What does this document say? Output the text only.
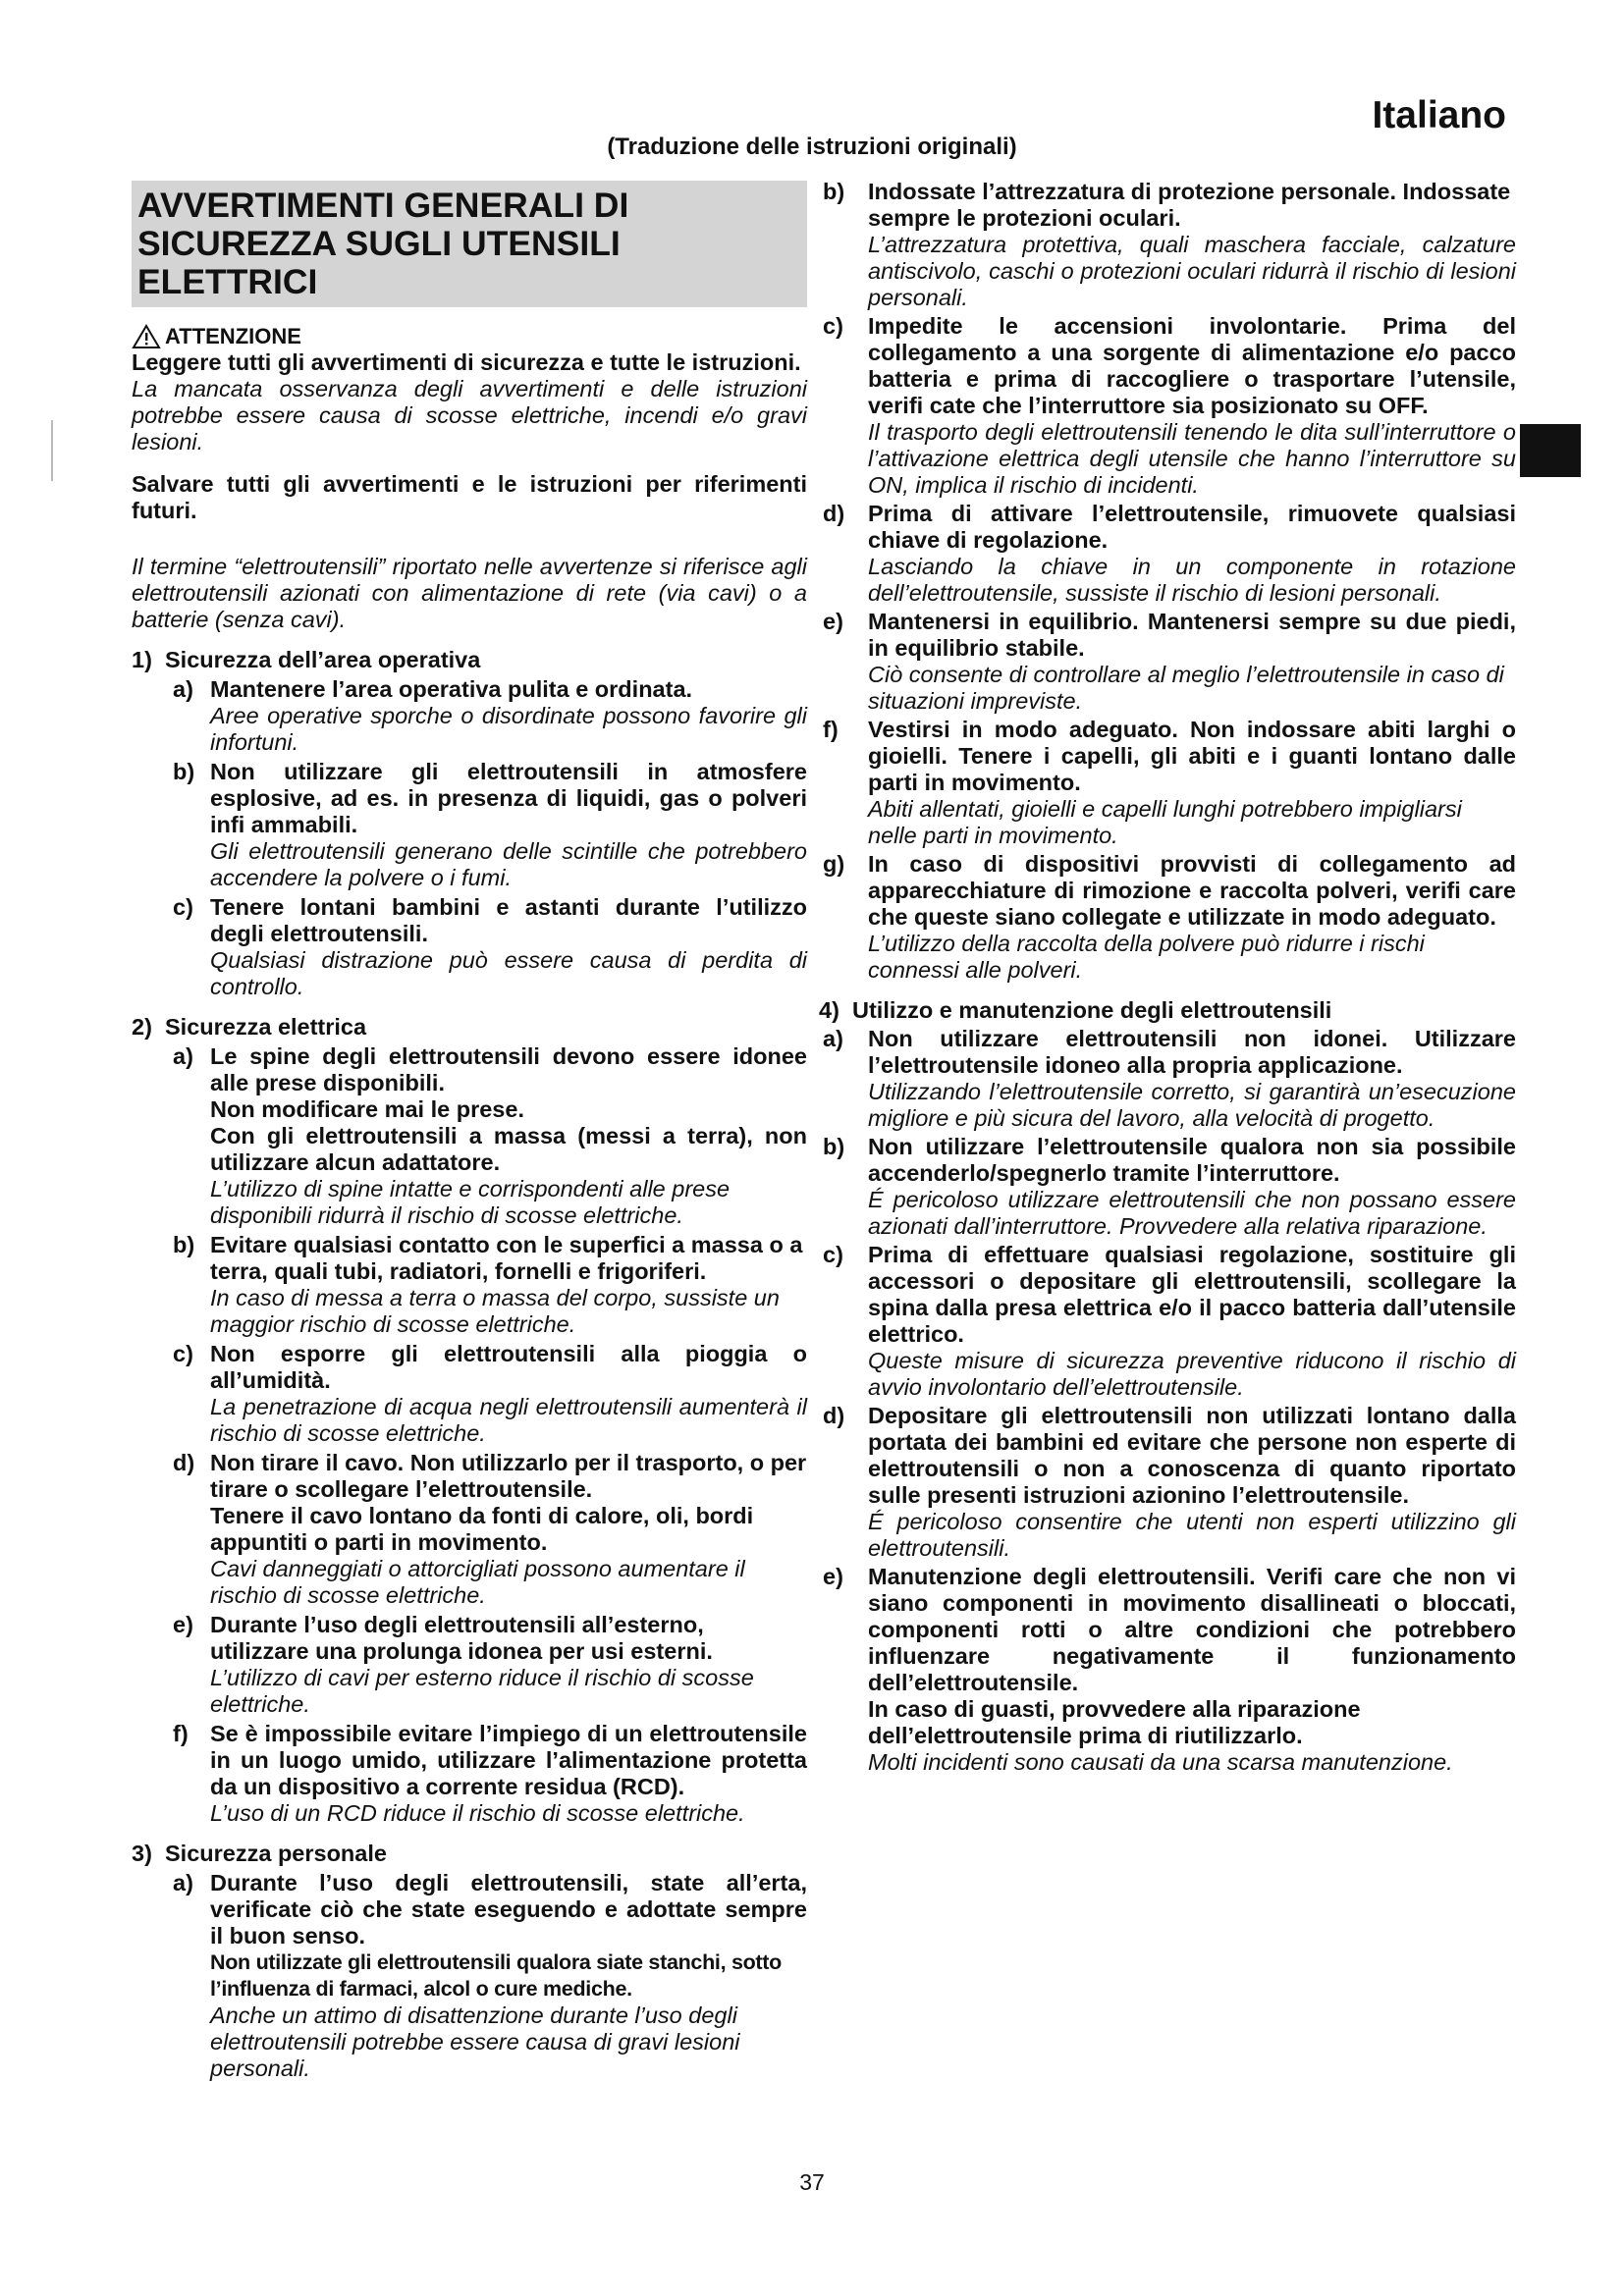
Italiano
(Traduzione delle istruzioni originali)
AVVERTIMENTI GENERALI DI SICUREZZA SUGLI UTENSILI ELETTRICI
ATTENZIONE

Leggere tutti gli avvertimenti di sicurezza e tutte le istruzioni.

La mancata osservanza degli avvertimenti e delle istruzioni potrebbe essere causa di scosse elettriche, incendi e/o gravi lesioni.

Salvare tutti gli avvertimenti e le istruzioni per riferimenti futuri.

Il termine “elettroutensili” riportato nelle avvertenze si riferisce agli elettroutensili azionati con alimentazione di rete (via cavi) o a batterie (senza cavi).

1) Sicurezza dell’area operativa
a) Mantenere l’area operativa pulita e ordinata.

Aree operative sporche o disordinate possono favorire gli infortuni.

b) Non utilizzare gli elettroutensili in atmosfere esplosive, ad es. in presenza di liquidi, gas o polveri infi ammabili.

Gli elettroutensili generano delle scintille che potrebbero accendere la polvere o i fumi.

c) Tenere lontani bambini e astanti durante l’utilizzo degli elettroutensili.

Qualsiasi distrazione può essere causa di perdita di controllo.

2) Sicurezza elettrica
a) Le spine degli elettroutensili devono essere idonee alle prese disponibili.

Non modificare mai le prese.

Con gli elettroutensili a massa (messi a terra), non utilizzare alcun adattatore.

L’utilizzo di spine intatte e corrispondenti alle prese disponibili ridurrà il rischio di scosse elettriche.

b) Evitare qualsiasi contatto con le superfici a massa o a terra, quali tubi, radiatori, fornelli e frigoriferi.

In caso di messa a terra o massa del corpo, sussiste un maggior rischio di scosse elettriche.

c) Non esporre gli elettroutensili alla pioggia o all’umidità.

La penetrazione di acqua negli elettroutensili aumenterà il rischio di scosse elettriche.

d) Non tirare il cavo. Non utilizzarlo per il trasporto, o per tirare o scollegare l’elettroutensile.

Tenere il cavo lontano da fonti di calore, oli, bordi appuntiti o parti in movimento.

Cavi danneggiati o attorcigliati possono aumentare il rischio di scosse elettriche.

e) Durante l’uso degli elettroutensili all’esterno, utilizzare una prolunga idonea per usi esterni.

L’utilizzo di cavi per esterno riduce il rischio di scosse elettriche.

f) Se è impossibile evitare l’impiego di un elettroutensile in un luogo umido, utilizzare l’alimentazione protetta da un dispositivo a corrente residua (RCD).

L’uso di un RCD riduce il rischio di scosse elettriche.

3) Sicurezza personale
a) Durante l’uso degli elettroutensili, state all’erta, verificate ciò che state eseguendo e adottate sempre il buon senso.

Non utilizzate gli elettroutensili qualora siate stanchi, sotto l’influenza di farmaci, alcol o cure mediche.

Anche un attimo di disattenzione durante l’uso degli elettroutensili potrebbe essere causa di gravi lesioni personali.

b)	Indossate l’attrezzatura di protezione personale. Indossate sempre le protezioni oculari.

L’attrezzatura protettiva, quali maschera facciale, calzature antiscivolo, caschi o protezioni oculari ridurrà il rischio di lesioni personali.

c)	Impedite le accensioni involontarie. Prima del collegamento a una sorgente di alimentazione e/o pacco batteria e prima di raccogliere o trasportare l’utensile, verifi cate che l’interruttore sia posizionato su OFF.

Il trasporto degli elettroutensili tenendo le dita sull’interruttore o l’attivazione elettrica degli utensile che hanno l’interruttore su ON, implica il rischio di incidenti.

d)	Prima di attivare l’elettroutensile, rimuovete qualsiasi chiave di regolazione.

Lasciando la chiave in un componente in rotazione dell’elettroutensile, sussiste il rischio di lesioni personali.

e)	Mantenersi in equilibrio. Mantenersi sempre su due piedi, in equilibrio stabile.

Ciò consente di controllare al meglio l’elettroutensile in caso di situazioni impreviste.

f)	Vestirsi in modo adeguato. Non indossare abiti larghi o gioielli. Tenere i capelli, gli abiti e i guanti lontano dalle parti in movimento.

Abiti allentati, gioielli e capelli lunghi potrebbero impigliarsi nelle parti in movimento.

g)	In caso di dispositivi provvisti di collegamento ad apparecchiature di rimozione e raccolta polveri, verifi care che queste siano collegate e utilizzate in modo adeguato.

L’utilizzo della raccolta della polvere può ridurre i rischi connessi alle polveri.

4) Utilizzo e manutenzione degli elettroutensili
a)	Non utilizzare elettroutensili non idonei. Utilizzare l’elettroutensile idoneo alla propria applicazione.

Utilizzando l’elettroutensile corretto, si garantirà un’esecuzione migliore e più sicura del lavoro, alla velocità di progetto.

b)	Non utilizzare l’elettroutensile qualora non sia possibile accenderlo/spegnerlo tramite l’interruttore.

É pericoloso utilizzare elettroutensili che non possano essere azionati dall’interruttore. Provvedere alla relativa riparazione.

c)	Prima di effettuare qualsiasi regolazione, sostituire gli accessori o depositare gli elettroutensili, scollegare la spina dalla presa elettrica e/o il pacco batteria dall’utensile elettrico.

Queste misure di sicurezza preventive riducono il rischio di avvio involontario dell’elettroutensile.

d)	Depositare gli elettroutensili non utilizzati lontano dalla portata dei bambini ed evitare che persone non esperte di elettroutensili o non a conoscenza di quanto riportato sulle presenti istruzioni azionino l’elettroutensile.

É pericoloso consentire che utenti non esperti utilizzino gli elettroutensili.

e)	Manutenzione degli elettroutensili. Verifi care che non vi siano componenti in movimento disallineati o bloccati, componenti rotti o altre condizioni che potrebbero influenzare negativamente il funzionamento dell’elettroutensile.

In caso di guasti, provvedere alla riparazione dell’elettroutensile prima di riutilizzarlo.

Molti incidenti sono causati da una scarsa manutenzione.

37
